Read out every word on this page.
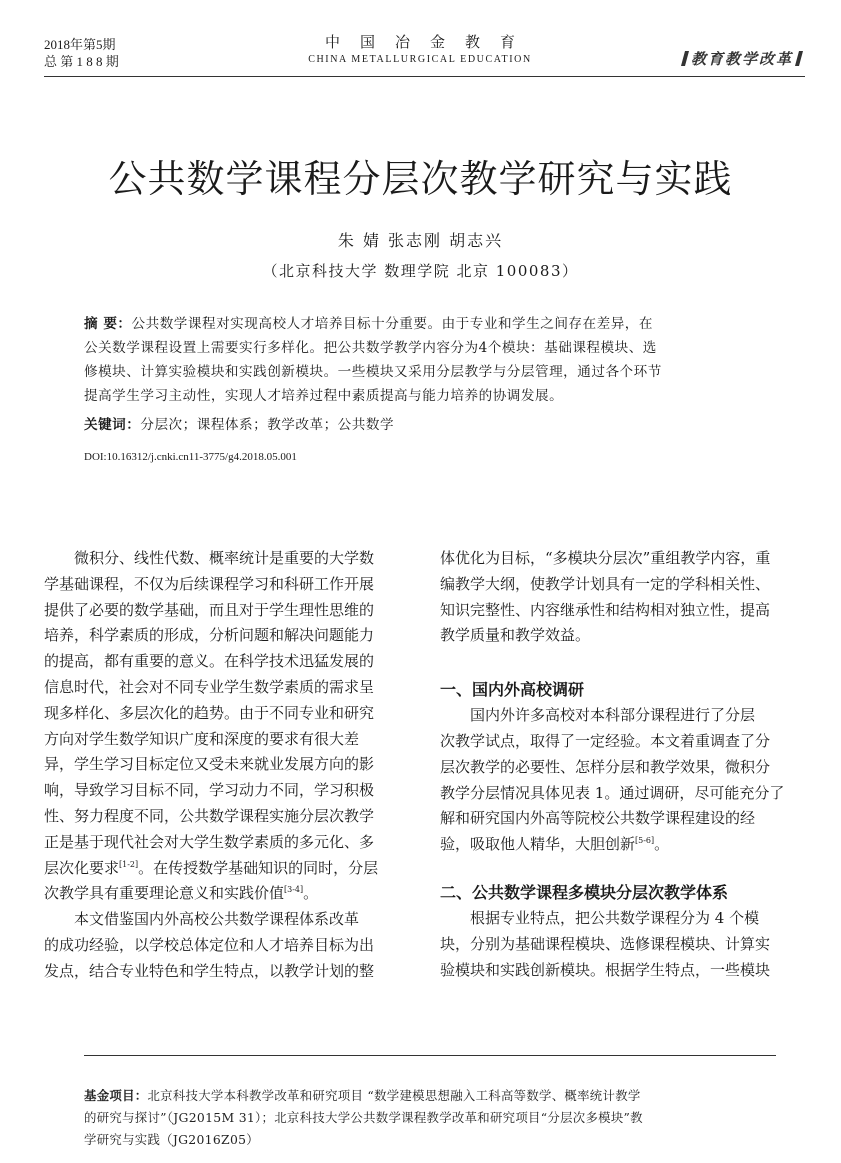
2018年第5期
总 第 1 8 8 期
中国冶金教育
CHINA METALLURGICAL EDUCATION	教育教学改革
公共数学课程分层次教学研究与实践
朱 婧 张志刚 胡志兴
（北京科技大学 数理学院 北京 100083）
摘 要：公共数学课程对实现高校人才培养目标十分重要。由于专业和学生之间存在差异，在
公关数学课程设置上需要实行多样化。把公共数学教学内容分为4个模块：基础课程模块、选
修模块、计算实验模块和实践创新模块。一些模块又采用分层教学与分层管理，通过各个环节
提高学生学习主动性，实现人才培养过程中素质提高与能力培养的协调发展。
关键词：分层次；课程体系；教学改革；公共数学
DOI:10.16312/j.cnki.cn11-3775/g4.2018.05.001
　　微积分、线性代数、概率统计是重要的大学数
学基础课程，不仅为后续课程学习和科研工作开展
提供了必要的数学基础，而且对于学生理性思维的
培养，科学素质的形成，分析问题和解决问题能力
的提高，都有重要的意义。在科学技术迅猛发展的
信息时代，社会对不同专业学生数学素质的需求呈
现多样化、多层次化的趋势。由于不同专业和研究
方向对学生数学知识广度和深度的要求有很大差
异，学生学习目标定位又受未来就业发展方向的影
响，导致学习目标不同，学习动力不同，学习积极
性、努力程度不同，公共数学课程实施分层次教学
正是基于现代社会对大学生数学素质的多元化、多
层次化要求[1-2]。在传授数学基础知识的同时，分层
次教学具有重要理论意义和实践价值[3-4]。
　　本文借鉴国内外高校公共数学课程体系改革
的成功经验，以学校总体定位和人才培养目标为出
发点，结合专业特色和学生特点，以教学计划的整
体优化为目标，“多模块分层次”重组教学内容，重
编教学大纲，使教学计划具有一定的学科相关性、
知识完整性、内容继承性和结构相对独立性，提高
教学质量和教学效益。
一、国内外高校调研
　　国内外许多高校对本科部分课程进行了分层
次教学试点，取得了一定经验。本文着重调查了分
层次教学的必要性、怎样分层和教学效果，微积分
教学分层情况具体见表 1。通过调研，尽可能充分了
解和研究国内外高等院校公共数学课程建设的经
验，吸取他人精华，大胆创新[5-6]。
二、公共数学课程多模块分层次教学体系
　　根据专业特点，把公共数学课程分为 4 个模
块，分别为基础课程模块、选修课程模块、计算实
验模块和实践创新模块。根据学生特点，一些模块
基金项目：北京科技大学本科教学改革和研究项目 “数学建模思想融入工科高等数学、概率统计教学
的研究与探讨”（JG2015M 31）；北京科技大学公共数学课程教学改革和研究项目“分层次多模块”教
学研究与实践（JG2016Z05）
